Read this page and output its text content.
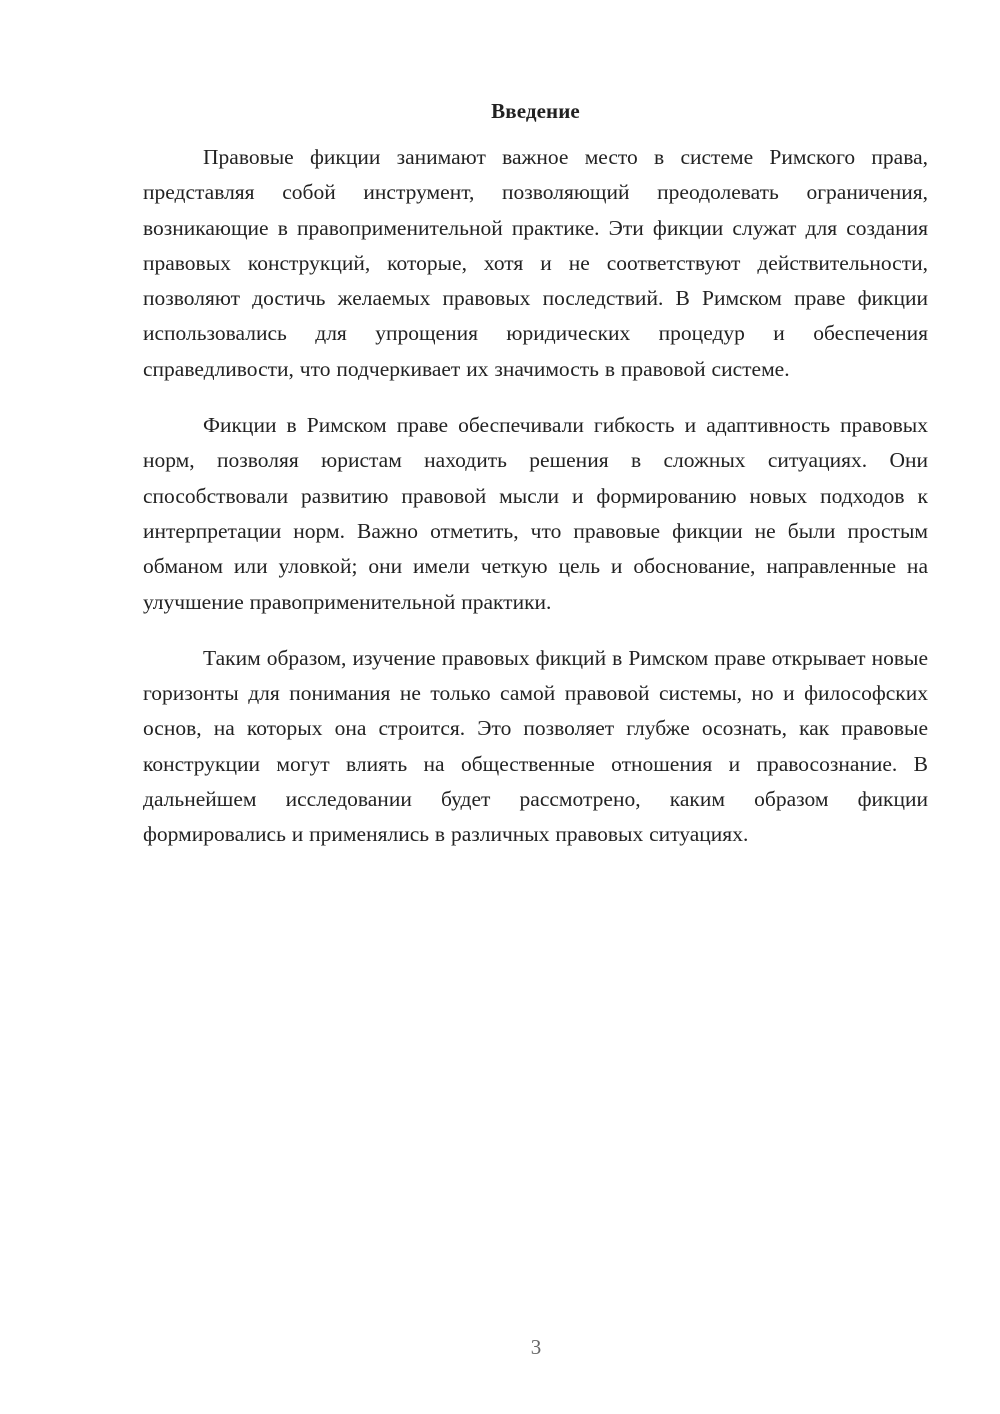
Введение

Правовые фикции занимают важное место в системе Римского права, представляя собой инструмент, позволяющий преодолевать ограничения, возникающие в правоприменительной практике. Эти фикции служат для создания правовых конструкций, которые, хотя и не соответствуют действительности, позволяют достичь желаемых правовых последствий. В Римском праве фикции использовались для упрощения юридических процедур и обеспечения справедливости, что подчеркивает их значимость в правовой системе.

Фикции в Римском праве обеспечивали гибкость и адаптивность правовых норм, позволяя юристам находить решения в сложных ситуациях. Они способствовали развитию правовой мысли и формированию новых подходов к интерпретации норм. Важно отметить, что правовые фикции не были простым обманом или уловкой; они имели четкую цель и обоснование, направленные на улучшение правоприменительной практики.

Таким образом, изучение правовых фикций в Римском праве открывает новые горизонты для понимания не только самой правовой системы, но и философских основ, на которых она строится. Это позволяет глубже осознать, как правовые конструкции могут влиять на общественные отношения и правосознание. В дальнейшем исследовании будет рассмотрено, каким образом фикции формировались и применялись в различных правовых ситуациях.

3
